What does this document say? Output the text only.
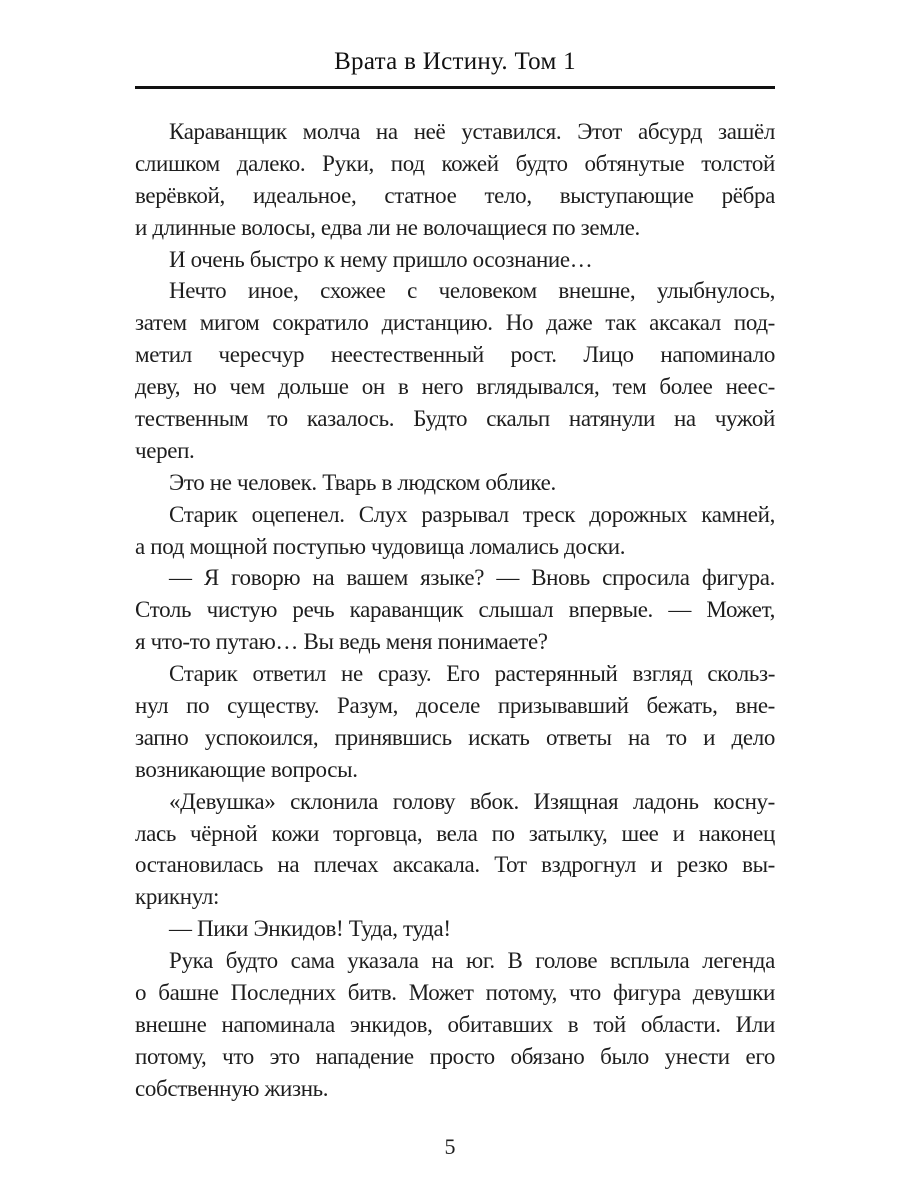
Врата в Истину. Том 1
Караванщик молча на неё уставился. Этот абсурд зашёл
слишком далеко. Руки, под кожей будто обтянутые толстой
верёвкой, идеальное, статное тело, выступающие рёбра
и длинные волосы, едва ли не волочащиеся по земле.
И очень быстро к нему пришло осознание…
Нечто иное, схожее с человеком внешне, улыбнулось,
затем мигом сократило дистанцию. Но даже так аксакал под-
метил чересчур неестественный рост. Лицо напоминало
деву, но чем дольше он в него вглядывался, тем более неес-
тественным то казалось. Будто скальп натянули на чужой
череп.
Это не человек. Тварь в людском облике.
Старик оцепенел. Слух разрывал треск дорожных камней,
а под мощной поступью чудовища ломались доски.
— Я говорю на вашем языке? — Вновь спросила фигура.
Столь чистую речь караванщик слышал впервые. — Может,
я что-то путаю… Вы ведь меня понимаете?
Старик ответил не сразу. Его растерянный взгляд скольз-
нул по существу. Разум, доселе призывавший бежать, вне-
запно успокоился, принявшись искать ответы на то и дело
возникающие вопросы.
«Девушка» склонила голову вбок. Изящная ладонь косну-
лась чёрной кожи торговца, вела по затылку, шее и наконец
остановилась на плечах аксакала. Тот вздрогнул и резко вы-
крикнул:
— Пики Энкидов! Туда, туда!
Рука будто сама указала на юг. В голове всплыла легенда
о башне Последних битв. Может потому, что фигура девушки
внешне напоминала энкидов, обитавших в той области. Или
потому, что это нападение просто обязано было унести его
собственную жизнь.
5
